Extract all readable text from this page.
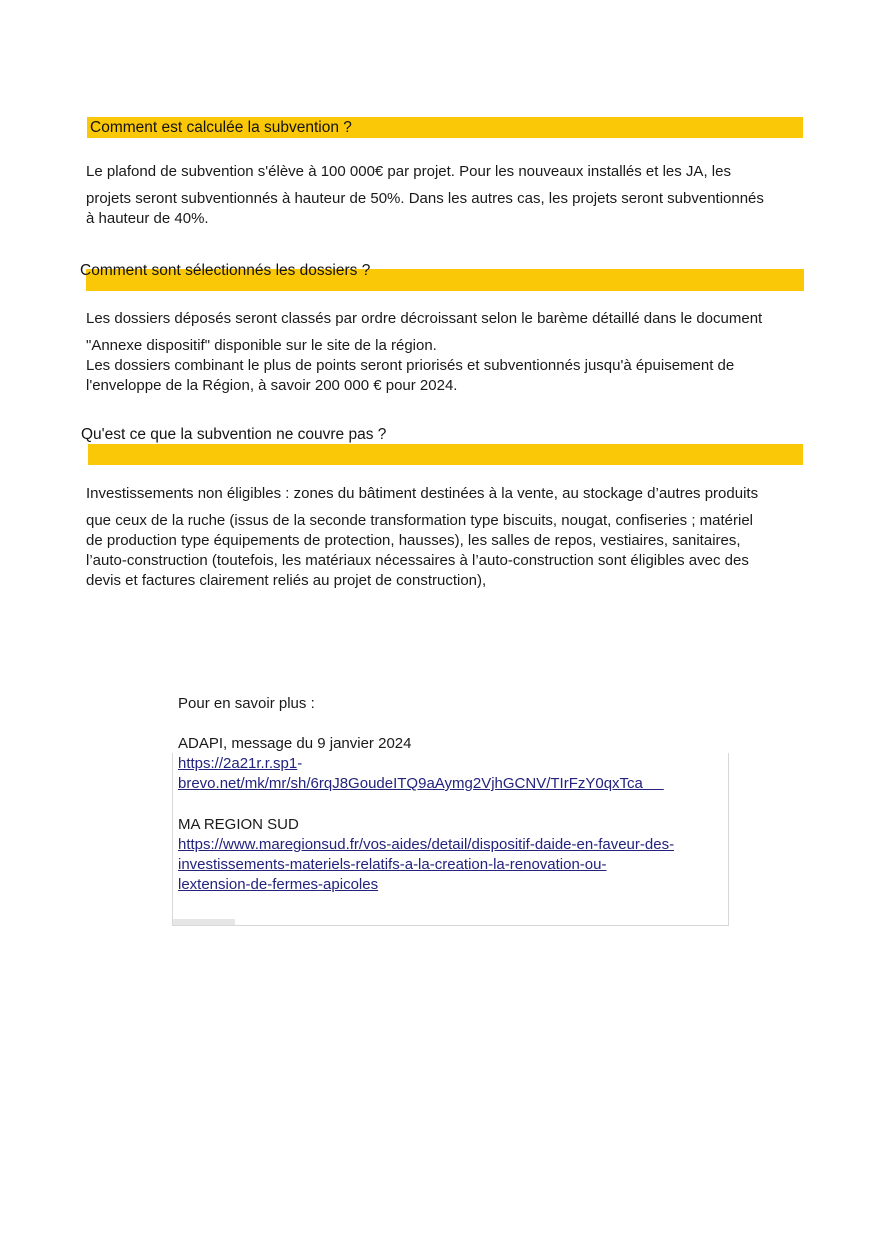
Comment est calculée la subvention ?
Le plafond de subvention s'élève à 100 000€ par projet. Pour les nouveaux installés et les JA, les
projets seront subventionnés à hauteur de 50%. Dans les autres cas, les projets seront subventionnés
à hauteur de 40%.
Comment sont sélectionnés les dossiers ?
Les dossiers déposés seront classés par ordre décroissant selon le barème détaillé dans le document
"Annexe dispositif" disponible sur le site de la région.
Les dossiers combinant le plus de points seront priorisés et subventionnés jusqu'à épuisement de
l'enveloppe de la Région, à savoir 200 000 € pour 2024.
Qu'est ce que la subvention ne couvre pas ?
Investissements non éligibles : zones du bâtiment destinées à la vente, au stockage d’autres produits
que ceux de la ruche (issus de la seconde transformation type biscuits, nougat, confiseries ; matériel
de production type équipements de protection, hausses), les salles de repos, vestiaires, sanitaires,
l’auto-construction (toutefois, les matériaux nécessaires à l’auto-construction sont éligibles avec des
devis et factures clairement reliés au projet de construction),
Pour en savoir plus :
ADAPI, message du 9 janvier 2024
https://2a21r.r.sp1-
brevo.net/mk/mr/sh/6rqJ8GoudeITQ9aAymg2VjhGCNV/TIrFzY0qxTca
MA REGION SUD
https://www.maregionsud.fr/vos-aides/detail/dispositif-daide-en-faveur-des-
investissements-materiels-relatifs-a-la-creation-la-renovation-ou-
lextension-de-fermes-apicoles
